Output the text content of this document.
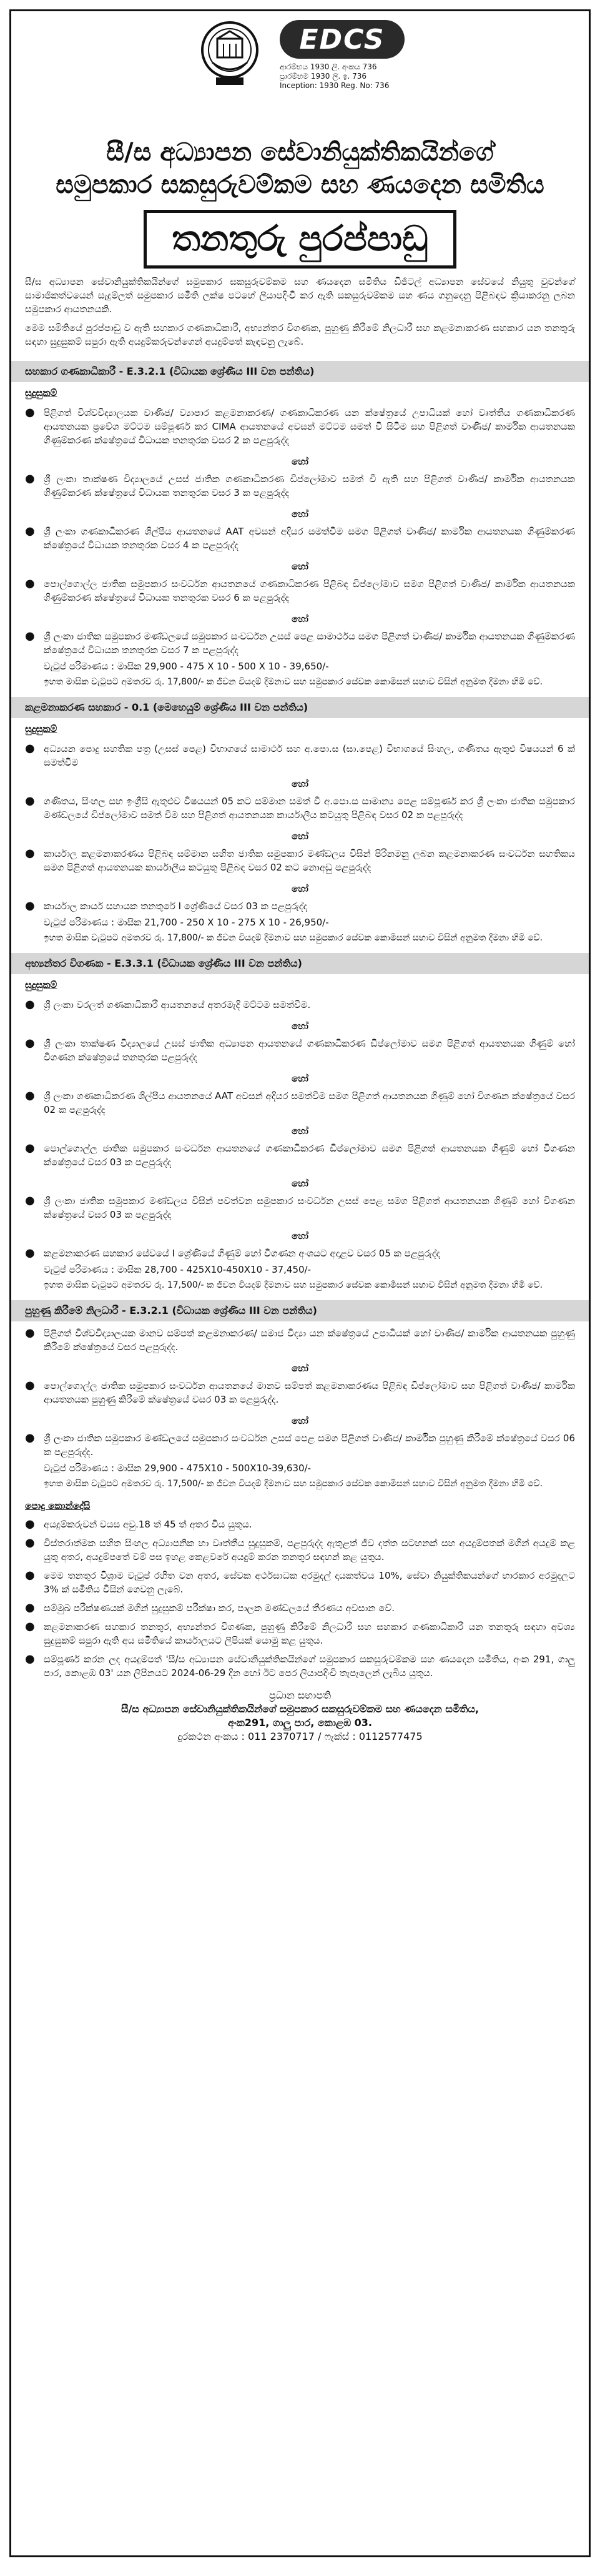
EDCS
ආරම්භය 1930 ලි. අංකය 736
ප්‍රාරම්භම 1930 ලි. ඉ. 736
Inception: 1930 Reg. No: 736
සී/ස අධ්‍යාපන සේවානියුක්තිකයින්ගේ
සමුපකාර සකසුරුවම්කම සහ ණයදෙන සමිතිය
තනතුරු පුරප්පාඩු

සී/ස අධ්‍යාපන සේවානියුක්තිකයින්ගේ සමුපකාර සකසුරුවම්කම සහ ණයදෙන සමිතිය ඩිජිටල් අධ්‍යාපන සේවයේ නියුතු වුවන්ගේ සාමාජිකත්වයෙන් සැදුම්ලත් සමුපකාර සමිති ලක්ෂ පටහේ ලියාපදිංචි කර ඇති සකසුරුවම්කම සහ ණය ගනුදෙනු පිළිබඳව ක්‍රියාකරනු ලබන සමුපකාර ආයතනයකි.

මෙම සමිතියේ පුරප්පාඩු ව ඇති සහකාර ගණකාධිකාරී, අභ්‍යන්තර විගණක, පුහුණු කිරීමේ නිලධාරී සහ කළමනාකරණ සහකාර යන තනතුරු සඳහා සුදුසුකම් සපුරා ඇති අයදුම්කරුවන්ගෙන් අයදුම්පත් කැඳවනු ලැබේ.

සහකාර ගණකාධිකාරී - E.3.2.1 (විධායක ශ්‍රේණිය III වන පන්තිය)
සුදුසුකම්
● පිළිගත් විශ්වවිද්‍යාලයක වාණිජ/ ව්‍යාපාර කළමනාකරණ/ ගණකාධිකරණ යන ක්ෂේත්‍රයේ උපාධියක් හෝ වෘත්තීය ගණකාධිකරණ ආයතනයක ප්‍රවේශ මට්ටම සම්පූර්ණ කර CIMA ආයතනයේ අවසන් මට්ටම සමත් වී සිටීම සහ පිළිගත් වාණිජ/ කාර්මික ආයතනයක ගිණුම්කරණ ක්ෂේත්‍රයේ විධායක තනතුරක වසර 2 ක පළපුරුද්ද
හෝ
● ශ්‍රී ලංකා තාක්ෂණ විද්‍යාලයේ උසස් ජාතික ගණකාධිකරණ ඩිප්ලෝමාව සමත් වී ඇති සහ පිළිගත් වාණිජ/ කාර්මික ආයතනයක ගිණුම්කරණ ක්ෂේත්‍රයේ විධායක තනතුරක වසර 3 ක පළපුරුද්ද
හෝ
● ශ්‍රී ලංකා ගණකාධිකරණ ශිල්පීය ආයතනයේ AAT අවසන් අදියර සමත්වීම සමග පිළිගත් වාණිජ/ කාර්මික ආයතනයක ගිණුම්කරණ ක්ෂේත්‍රයේ විධායක තනතුරක වසර 4 ක පළපුරුද්ද
හෝ
● පොල්ගොල්ල ජාතික සමුපකාර සංවර්ධන ආයතනයේ ගණකාධිකරණ පිළිබඳ ඩිප්ලෝමාව සමග පිළිගත් වාණිජ/ කාර්මික ආයතනයක ගිණුම්කරණ ක්ෂේත්‍රයේ විධායක තනතුරක වසර 6 ක පළපුරුද්ද
හෝ
● ශ්‍රී ලංකා ජාතික සමුපකාර මණ්ඩලයේ සමුපකාර සංවර්ධන උසස් පෙළ සාමාර්ථය සමග පිළිගත් වාණිජ/ කාර්මික ආයතනයක ගිණුම්කරණ ක්ෂේත්‍රයේ විධායක තනතුරක වසර 7 ක පළපුරුද්ද
වැටුප් පරිමාණය : මාසික 29,900 - 475 X 10 - 500 X 10 - 39,650/-
ඉහත මාසික වැටුපට අමතරව රු. 17,800/- ක ජීවන වියදම් දීමනාව සහ සමුපකාර සේවක කොමිසන් සභාව විසින් අනුමත දීමනා හිමි වේ.
කළමනාකරණ සහකාර - 0.1 (මෙහෙයුම් ශ්‍රේණිය III වන පන්තිය)
සුදුසුකම්
● අධ්‍යයන පොදු සහතික පත්‍ර (උසස් පෙළ) විභාගයේ සාමාර්ථ සහ අ.පො.ස (සා.පෙළ) විභාගයේ සිංහල, ගණිතය ඇතුළු විෂයයන් 6 ක් සමත්වීම
හෝ
● ගණිතය, සිංහල සහ ඉංග්‍රීසි ඇතුළුව විෂයයන් 05 කට සම්මාන සමත් වී අ.පො.ස සාමාන්‍ය පෙළ සම්පූර්ණ කර ශ්‍රී ලංකා ජාතික සමුපකාර මණ්ඩලයේ ඩිප්ලෝමාව සමත් වීම සහ පිළිගත් ආයතනයක කාර්යාලීය කටයුතු පිළිබඳ වසර 02 ක පළපුරුද්ද
හෝ
● කාර්යාල කළමනාකරණය පිළිබඳ සම්මාන සහිත ජාතික සමුපකාර මණ්ඩලය විසින් පිරිනමනු ලබන කළමනාකරණ සංවර්ධන සහතිකය සමග පිළිගත් ආයතනයක කාර්යාලීය කටයුතු පිළිබඳ වසර 02 කට නොඅඩු පළපුරුද්ද
හෝ
● කාර්යාල කාර්ය සහායක තනතුරේ I ශ්‍රේණියේ වසර 03 ක පළපුරුද්ද
වැටුප් පරිමාණය : මාසික 21,700 - 250 X 10 - 275 X 10 - 26,950/-
ඉහත මාසික වැටුපට අමතරව රු. 17,800/- ක ජීවන වියදම් දීමනාව සහ සමුපකාර සේවක කොමිසන් සභාව විසින් අනුමත දීමනා හිමි වේ.
අභ්‍යන්තර විගණක - E.3.3.1 (විධායක ශ්‍රේණිය III වන පන්තිය)
සුදුසුකම්
● ශ්‍රී ලංකා වරලත් ගණකාධිකාරී ආයතනයේ අතරමැදි මට්ටම සමත්වීම.
හෝ
● ශ්‍රී ලංකා තාක්ෂණ විද්‍යාලයේ උසස් ජාතික අධ්‍යාපන ආයතනයේ ගණකාධිකරණ ඩිප්ලෝමාව සමග පිළිගත් ආයතනයක ගිණුම් හෝ විගණන ක්ෂේත්‍රයේ තනතුරක පළපුරුද්ද
හෝ
● ශ්‍රී ලංකා ගණකාධිකරණ ශිල්පීය ආයතනයේ AAT අවසන් අදියර සමත්වීම සමග පිළිගත් ආයතනයක ගිණුම් හෝ විගණන ක්ෂේත්‍රයේ වසර 02 ක පළපුරුද්ද
හෝ
● පොල්ගොල්ල ජාතික සමුපකාර සංවර්ධන ආයතනයේ ගණකාධිකරණ ඩිප්ලෝමාව සමග පිළිගත් ආයතනයක ගිණුම් හෝ විගණන ක්ෂේත්‍රයේ වසර 03 ක පළපුරුද්ද
හෝ
● ශ්‍රී ලංකා ජාතික සමුපකාර මණ්ඩලය විසින් පවත්වන සමුපකාර සංවර්ධන උසස් පෙළ සමග පිළිගත් ආයතනයක ගිණුම් හෝ විගණන ක්ෂේත්‍රයේ වසර 03 ක පළපුරුද්ද
හෝ
● කළමනාකරණ සහකාර සේවයේ I ශ්‍රේණියේ ගිණුම් හෝ විගණන අංශයට අදාළව වසර 05 ක පළපුරුද්ද
වැටුප් පරිමාණය : මාසික 28,700 - 425X10-450X10 - 37,450/-
ඉහත මාසික වැටුපට අමතරව රු. 17,500/- ක ජීවන වියදම් දීමනාව සහ සමුපකාර සේවක කොමිසන් සභාව විසින් අනුමත දීමනා හිමි වේ.
පුහුණු කිරීමේ නිලධාරී - E.3.2.1 (විධායක ශ්‍රේණිය III වන පන්තිය)
● පිළිගත් විශ්වවිද්‍යාලයක මානව සම්පත් කළමනාකරණ/ සමාජ විද්‍යා යන ක්ෂේත්‍රයේ උපාධියක් හෝ වාණිජ/ කාර්මික ආයතනයක පුහුණු කිරීමේ ක්ෂේත්‍රයේ වසර පළපුරුද්ද.
හෝ
● පොල්ගොල්ල ජාතික සමුපකාර සංවර්ධන ආයතනයේ මානව සම්පත් කළමනාකරණය පිළිබඳ ඩිප්ලෝමාව සහ පිළිගත් වාණිජ/ කාර්මික ආයතනයක පුහුණු කිරීමේ ක්ෂේත්‍රයේ වසර 03 ක පළපුරුද්ද.
හෝ
● ශ්‍රී ලංකා ජාතික සමුපකාර මණ්ඩලයේ සමුපකාර සංවර්ධන උසස් පෙළ සමග පිළිගත් වාණිජ/ කාර්මික පුහුණු කිරීමේ ක්ෂේත්‍රයේ වසර 06 ක පළපුරුද්ද.
වැටුප් පරිමාණය : මාසික 29,900 - 475X10 - 500X10-39,630/-
ඉහත මාසික වැටුපට අමතරව රු. 17,500/- ක ජීවන වියදම් දීමනාව සහ සමුපකාර සේවක කොමිසන් සභාව විසින් අනුමත දීමනා හිමි වේ.
පොදු කොන්දේසි
● අයදුම්කරුවන් වයස අවු.18 ත් 45 ත් අතර විය යුතුය.
● විස්තරාත්මක සහිත සිංහල අධ්‍යාපනික හා වෘත්තීය සුදුසුකම්, පළපුරුද්ද ඇතුළත් ජීව දත්ත සටහනක් සහ අයදුම්පතක් මගින් අයදුම් කළ යුතු අතර, අයදුම්පතේ වම් පස ඉහළ කෙළවරේ අයදුම් කරන තනතුර සඳහන් කළ යුතුය.
● මෙම තනතුර විශ්‍රාම වැටුප් රහිත වන අතර, සේවක අර්ථසාධක අරමුදල් දායකත්වය 10%, සේවා නියුක්තිකයන්ගේ භාරකාර අරමුදලට 3% ක් සමිතිය විසින් ගෙවනු ලැබේ.
● සම්මුඛ පරීක්ෂණයක් මගින් සුදුසුකම් පරීක්ෂා කර, පාලක මණ්ඩලයේ තීරණය අවසාන වේ.
● කළමනාකරණ සහකාර තනතුර, අභ්‍යන්තර විගණක, පුහුණු කිරීමේ නිලධාරී සහ සහකාර ගණකාධිකාරී යන තනතුරු සඳහා අවශ්‍ය සුදුසුකම් සපුරා ඇති අය සමිතියේ කාර්යාලයට ලිපියක් යොමු කළ යුතුය.
● සම්පූර්ණ කරන ලද අයදුම්පත් 'සී/ස අධ්‍යාපන සේවානියුක්තිකයින්ගේ සමුපකාර සකසුරුවම්කම සහ ණයදෙන සමිතිය, අංක 291, ගාලු පාර, කොළඹ 03' යන ලිපිනයට 2024-06-29 දින හෝ ඊට පෙර ලියාපදිංචි තැපෑලෙන් ලැබිය යුතුය.
ප්‍රධාන සභාපති
සී/ස අධ්‍යාපන සේවානියුක්තිකයින්ගේ සමුපකාර සකසුරුවම්කම සහ ණයදෙන සමිතිය,
අංක291, ගාලු පාර, කොළඹ 03.
දුරකථන අංකය : 011 2370717 / ෆැක්ස් : 0112577475
